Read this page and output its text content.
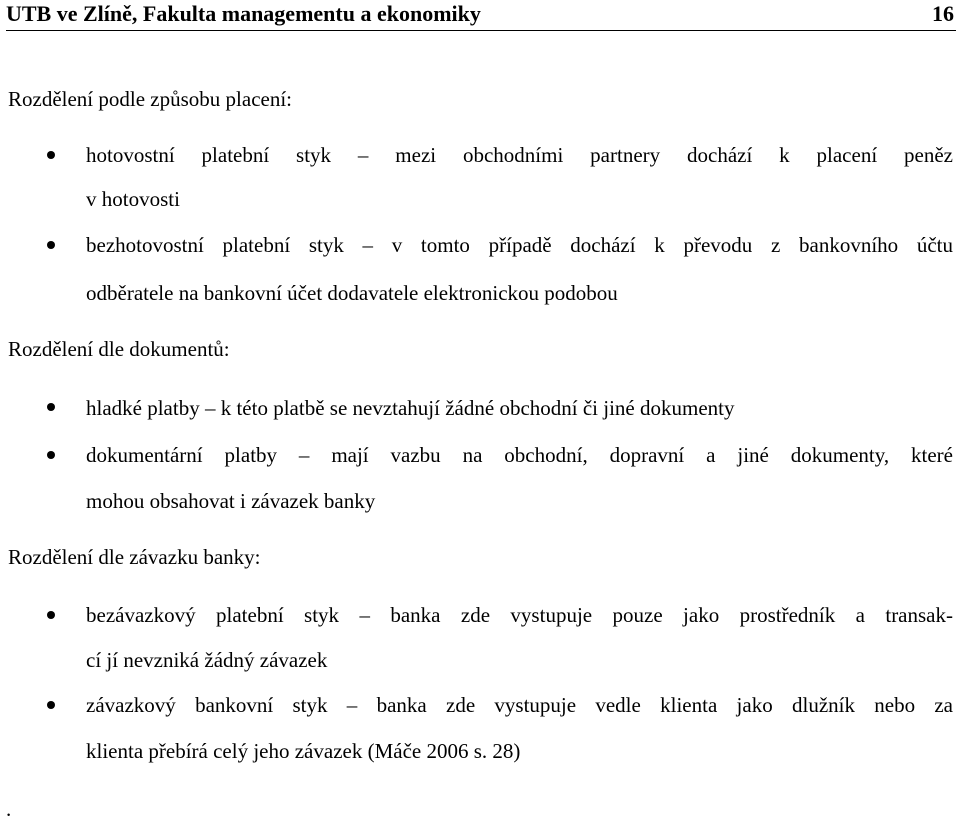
UTB ve Zlíně, Fakulta managementu a ekonomiky	16
Rozdělení podle způsobu placení:
hotovostní platební styk – mezi obchodními partnery dochází k placení peněz
v hotovosti
bezhotovostní platební styk – v tomto případě dochází k převodu z bankovního účtu
odběratele na bankovní účet dodavatele elektronickou podobou
Rozdělení dle dokumentů:
hladké platby – k této platbě se nevztahují žádné obchodní či jiné dokumenty
dokumentární platby – mají vazbu na obchodní, dopravní a jiné dokumenty, které
mohou obsahovat i závazek banky
Rozdělení dle závazku banky:
bezávazkový platební styk – banka zde vystupuje pouze jako prostředník a transak-
cí jí nevzniká žádný závazek
závazkový bankovní styk – banka zde vystupuje vedle klienta jako dlužník nebo za
klienta přebírá celý jeho závazek (Máče 2006 s. 28)
.
